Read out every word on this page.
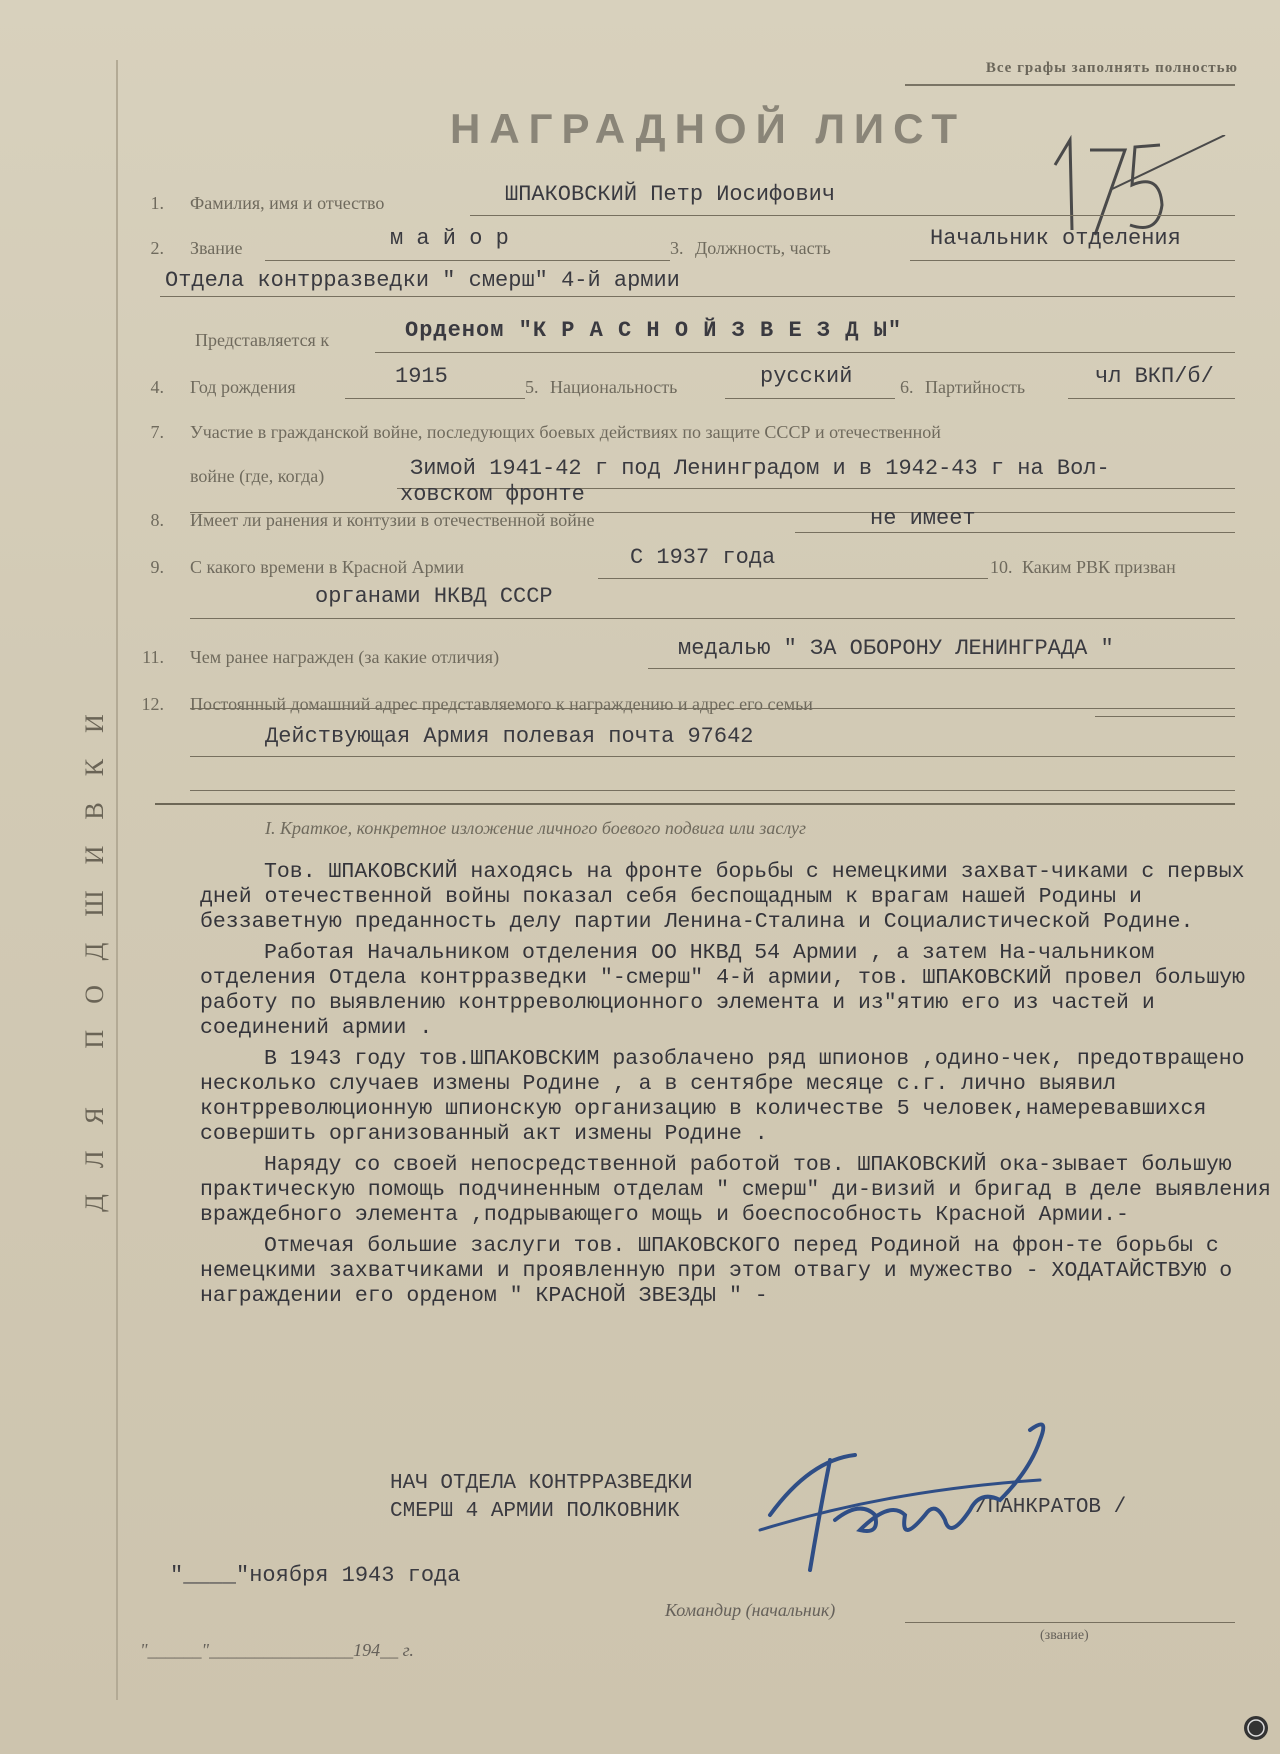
ДЛЯ ПОДШИВКИ
Все графы заполнять полностью
НАГРАДНОЙ ЛИСТ	175
1. Фамилия, имя и отчество	ШПАКОВСКИЙ Петр Иосифович
2. Звание	м а й о р	3. Должность, часть	Начальник отделения
Отдела контрразведки " смерш" 4-й армии
Представляется к	Орденом "К Р А С Н О Й З В Е З Д Ы"
4. Год рождения	1915	5. Национальность	русский	6. Партийность	чл ВКП/б/
7. Участие в гражданской войне, последующих боевых действиях по защите СССР и отечественной
войне (где, когда)	Зимой 1941-42 г под Ленинградом и в 1942-43 г на Вол-
ховском фронте
8. Имеет ли ранения и контузии в отечественной войне	не имеет
9. С какого времени в Красной Армии	С 1937 года	10. Каким РВК призван
органами НКВД СССР
11. Чем ранее награжден (за какие отличия)	медалью " ЗА ОБОРОНУ ЛЕНИНГРАДА "
12. Постоянный домашний адрес представляемого к награждению и адрес его семьи
Действующая Армия полевая почта 97642
I. Краткое, конкретное изложение личного боевого подвига или заслуг

Тов. ШПАКОВСКИЙ находясь на фронте борьбы с немецкими захват-чиками с первых дней отечественной войны показал себя беспощадным к врагам нашей Родины и беззаветную преданность делу партии Ленина-Сталина и Социалистической Родине.

Работая Начальником отделения ОО НКВД 54 Армии , а затем На-чальником отделения Отдела контрразведки "-смерш" 4-й армии, тов. ШПАКОВСКИЙ провел большую работу по выявлению контрреволюционного элемента и из"ятию его из частей и соединений армии .

В 1943 году тов.ШПАКОВСКИМ разоблачено ряд шпионов ,одино-чек, предотвращено несколько случаев измены Родине , а в сентябре месяце с.г. лично выявил контрреволюционную шпионскую организацию в количестве 5 человек,намеревавшихся совершить организованный акт измены Родине .

Наряду со своей непосредственной работой тов. ШПАКОВСКИЙ ока-зывает большую практическую помощь подчиненным отделам " смерш" ди-визий и бригад в деле выявления враждебного элемента ,подрывающего мощь и боеспособность Красной Армии.-

Отмечая большие заслуги тов. ШПАКОВСКОГО перед Родиной на фрон-те борьбы с немецкими захватчиками и проявленную при этом отвагу и мужество - ХОДАТАЙСТВУЮ о награждении его орденом " КРАСНОЙ ЗВЕЗДЫ " -

НАЧ ОТДЕЛА КОНТРРАЗВЕДКИ
СМЕРШ 4 АРМИИ ПОЛКОВНИК	/ПАНКРАТОВ /
"____"ноября 1943 года
Командир (начальник)
(звание)
"______"________________194__ г.
